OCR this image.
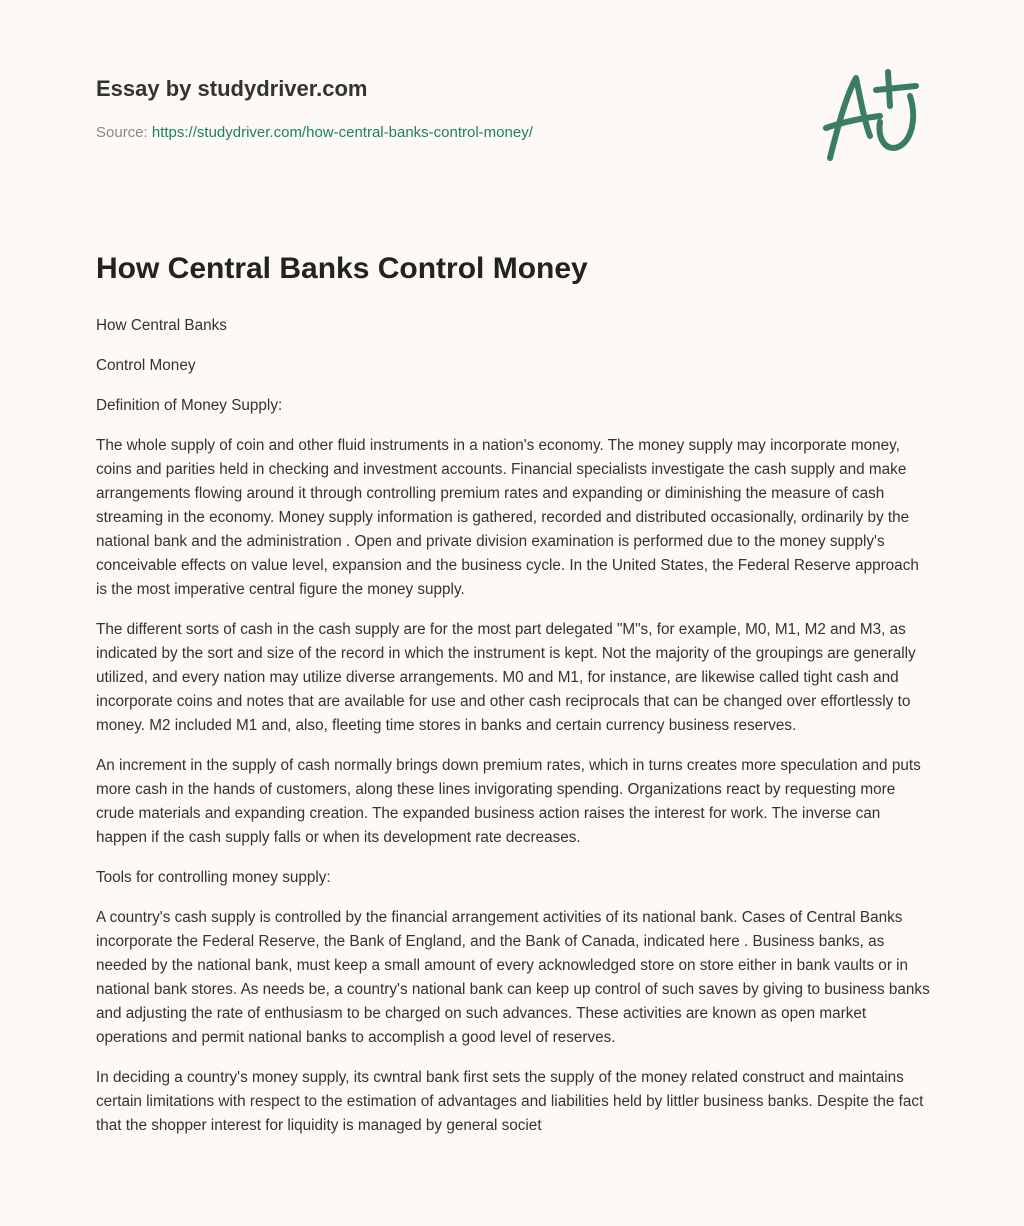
Essay by studydriver.com
Source: https://studydriver.com/how-central-banks-control-money/
How Central Banks Control Money

How Central Banks

Control Money

Definition of Money Supply:

The whole supply of coin and other fluid instruments in a nation's economy. The money supply may incorporate money, coins and parities held in checking and investment accounts. Financial specialists investigate the cash supply and make arrangements flowing around it through controlling premium rates and expanding or diminishing the measure of cash streaming in the economy. Money supply information is gathered, recorded and distributed occasionally, ordinarily by the national bank and the administration . Open and private division examination is performed due to the money supply's conceivable effects on value level, expansion and the business cycle. In the United States, the Federal Reserve approach is the most imperative central figure the money supply.

The different sorts of cash in the cash supply are for the most part delegated "M"s, for example, M0, M1, M2 and M3, as indicated by the sort and size of the record in which the instrument is kept. Not the majority of the groupings are generally utilized, and every nation may utilize diverse arrangements. M0 and M1, for instance, are likewise called tight cash and incorporate coins and notes that are available for use and other cash reciprocals that can be changed over effortlessly to money. M2 included M1 and, also, fleeting time stores in banks and certain currency business reserves.

An increment in the supply of cash normally brings down premium rates, which in turns creates more speculation and puts more cash in the hands of customers, along these lines invigorating spending. Organizations react by requesting more crude materials and expanding creation. The expanded business action raises the interest for work. The inverse can happen if the cash supply falls or when its development rate decreases.

Tools for controlling money supply:

A country's cash supply is controlled by the financial arrangement activities of its national bank. Cases of Central Banks incorporate the Federal Reserve, the Bank of England, and the Bank of Canada, indicated here . Business banks, as needed by the national bank, must keep a small amount of every acknowledged store on store either in bank vaults or in national bank stores. As needs be, a country's national bank can keep up control of such saves by giving to business banks and adjusting the rate of enthusiasm to be charged on such advances. These activities are known as open market operations and permit national banks to accomplish a good level of reserves.

In deciding a country's money supply, its cwntral bank first sets the supply of the money related construct and maintains certain limitations with respect to the estimation of advantages and liabilities held by littler business banks. Despite the fact that the shopper interest for liquidity is managed by general societ
